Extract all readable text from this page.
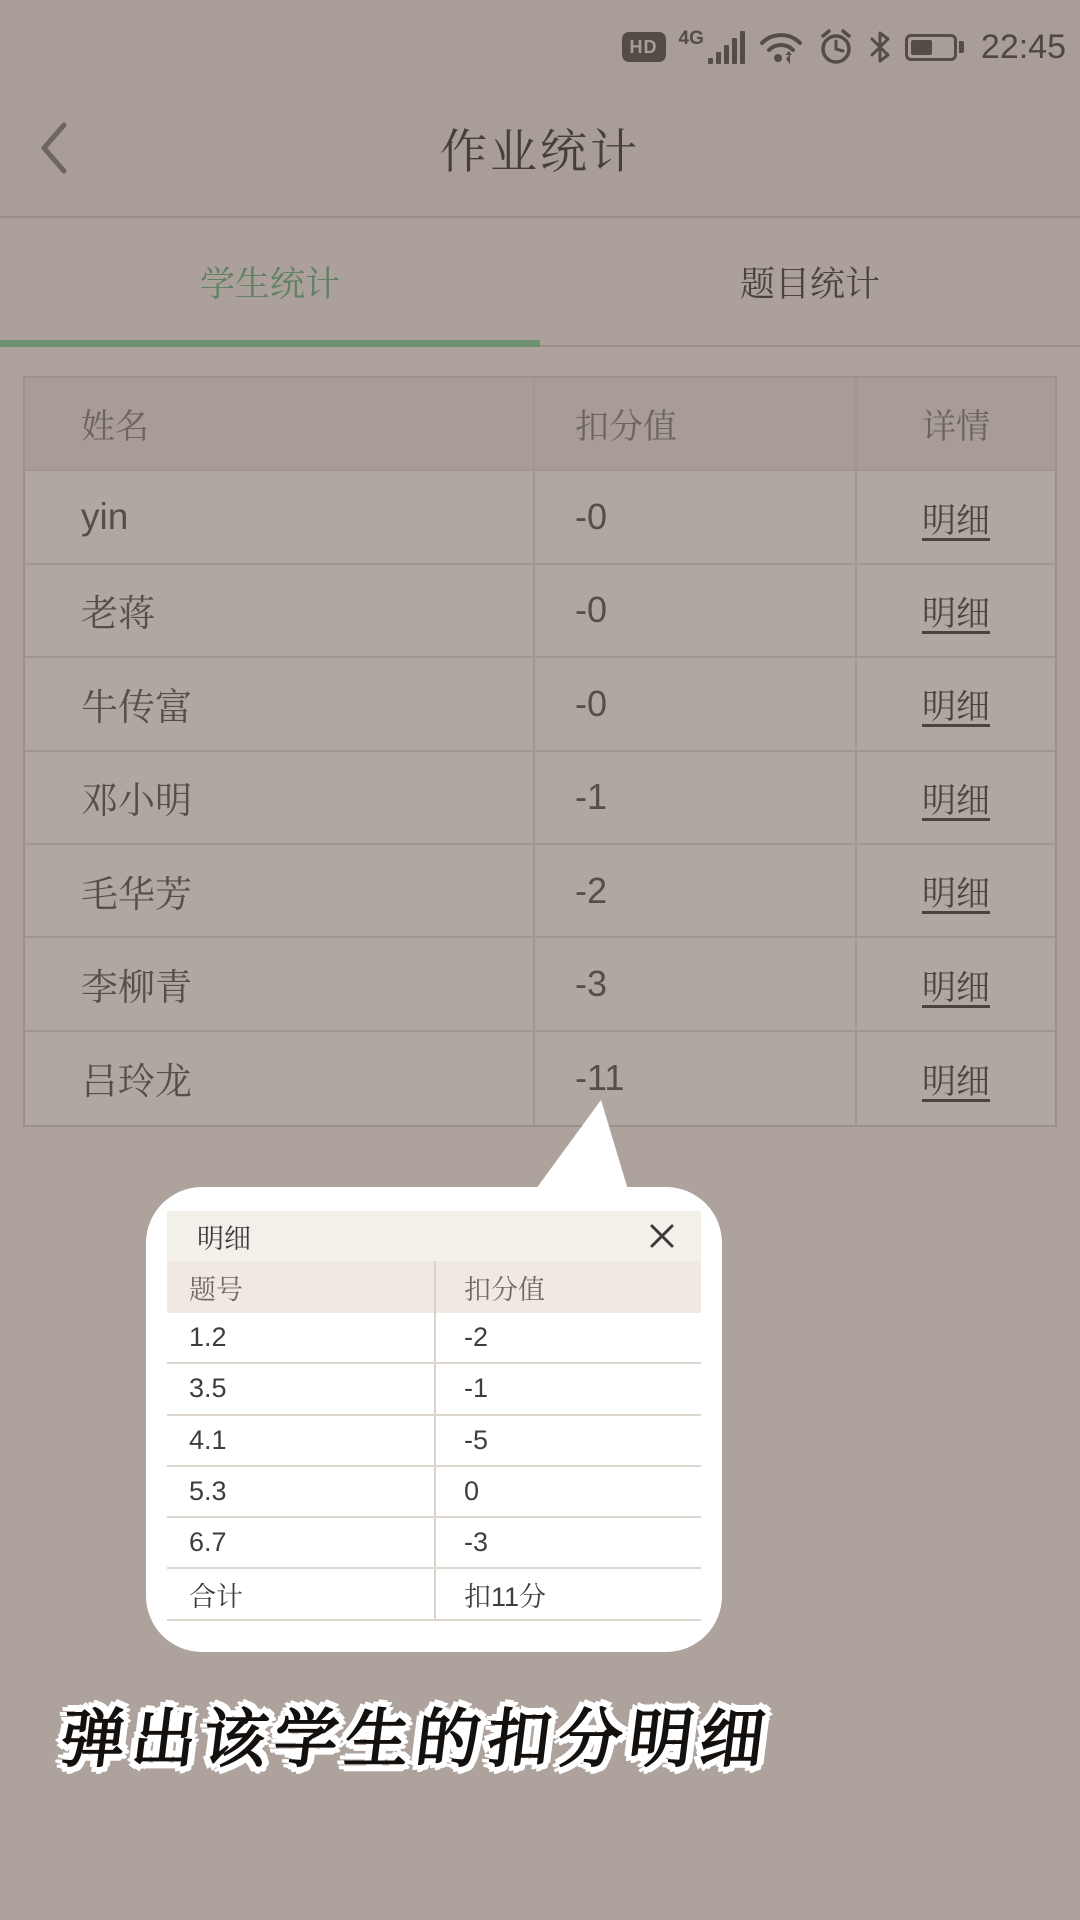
HD	4G	22:45
作业统计
学生统计	题目统计
姓名	扣分值	详情
yin	-0	明细
老蒋	-0	明细
牛传富	-0	明细
邓小明	-1	明细
毛华芳	-2	明细
李柳青	-3	明细
吕玲龙	-11	明细
明细
题号	扣分值
1.2	-2
3.5	-1
4.1	-5
5.3	0
6.7	-3
合计	扣11分
弹出该学生的扣分明细
